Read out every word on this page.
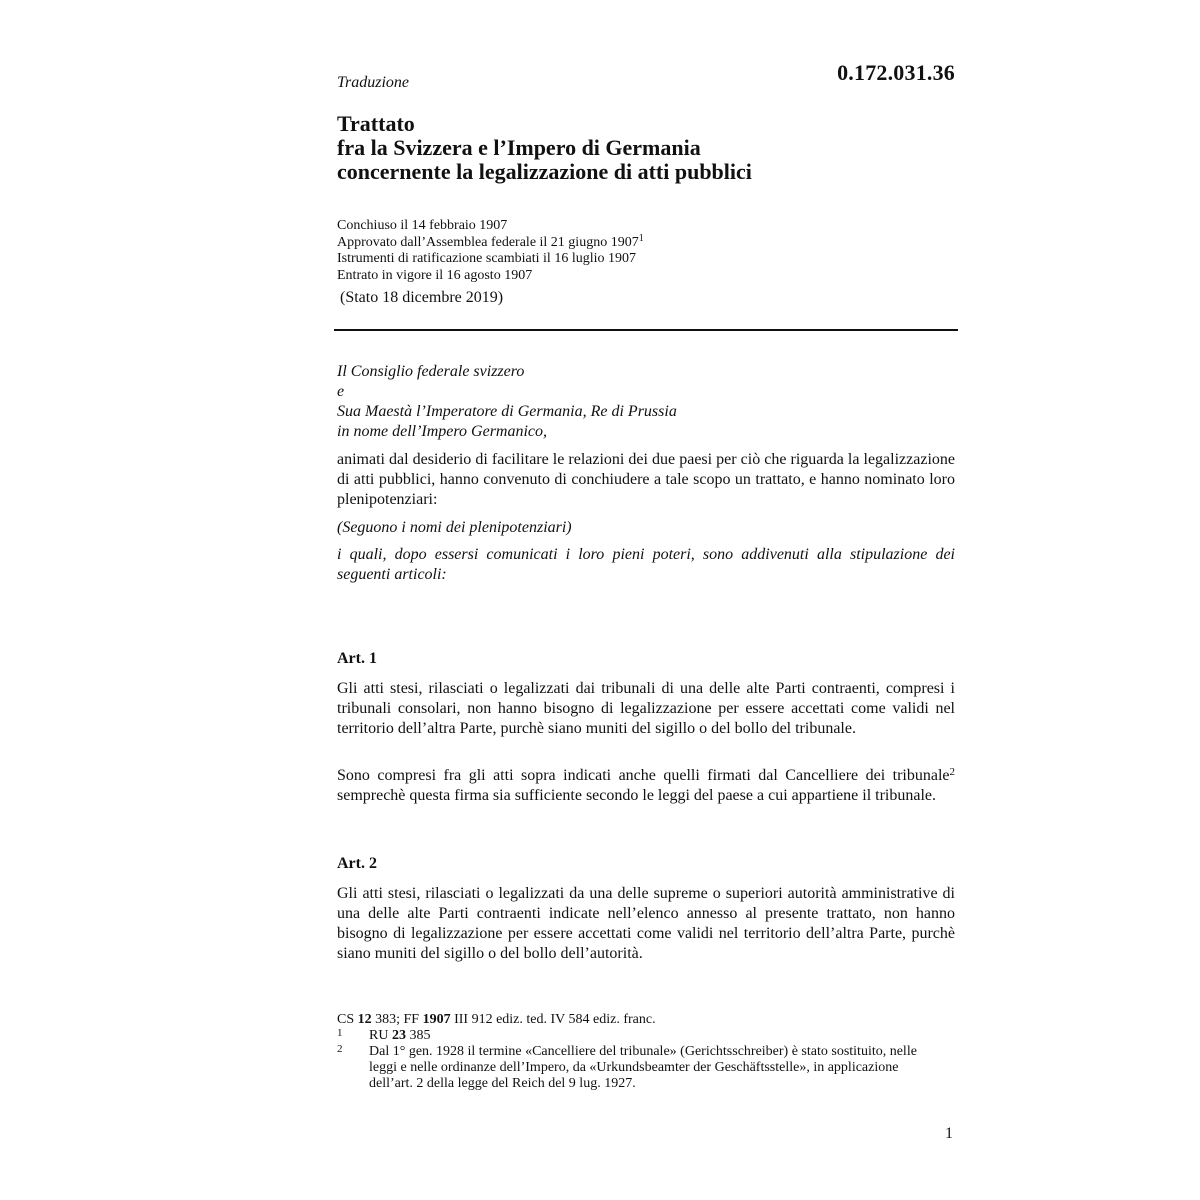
Traduzione	0.172.031.36
Trattato
fra la Svizzera e l’Impero di Germania
concernente la legalizzazione di atti pubblici
Conchiuso il 14 febbraio 1907
Approvato dall’Assemblea federale il 21 giugno 1907$^1$
Istrumenti di ratificazione scambiati il 16 luglio 1907
Entrato in vigore il 16 agosto 1907
(Stato 18 dicembre 2019)
Il Consiglio federale svizzero
e
Sua Maestà l’Imperatore di Germania, Re di Prussia
in nome dell’Impero Germanico,
animati dal desiderio di facilitare le relazioni dei due paesi per ciò che riguarda la legalizzazione di atti pubblici, hanno convenuto di conchiudere a tale scopo un trattato, e hanno nominato loro plenipotenziari:
(Seguono i nomi dei plenipotenziari)
i quali, dopo essersi comunicati i loro pieni poteri, sono addivenuti alla stipulazione dei seguenti articoli:
Art. 1
Gli atti stesi, rilasciati o legalizzati dai tribunali di una delle alte Parti contraenti, compresi i tribunali consolari, non hanno bisogno di legalizzazione per essere accettati come validi nel territorio dell’altra Parte, purchè siano muniti del sigillo o del bollo del tribunale.
Sono compresi fra gli atti sopra indicati anche quelli firmati dal Cancelliere dei tribunale$^2$ semprechè questa firma sia sufficiente secondo le leggi del paese a cui appartiene il tribunale.
Art. 2
Gli atti stesi, rilasciati o legalizzati da una delle supreme o superiori autorità amministrative di una delle alte Parti contraenti indicate nell’elenco annesso al presente trattato, non hanno bisogno di legalizzazione per essere accettati come validi nel territorio dell’altra Parte, purchè siano muniti del sigillo o del bollo dell’autorità.
CS 12 383; FF 1907 III 912 ediz. ted. IV 584 ediz. franc.
1 RU 23 385
2 Dal 1° gen. 1928 il termine «Cancelliere del tribunale» (Gerichtsschreiber) è stato sostituito, nelle leggi e nelle ordinanze dell’Impero, da «Urkundsbeamter der Geschäftsstelle», in applicazione dell’art. 2 della legge del Reich del 9 lug. 1927.
1
